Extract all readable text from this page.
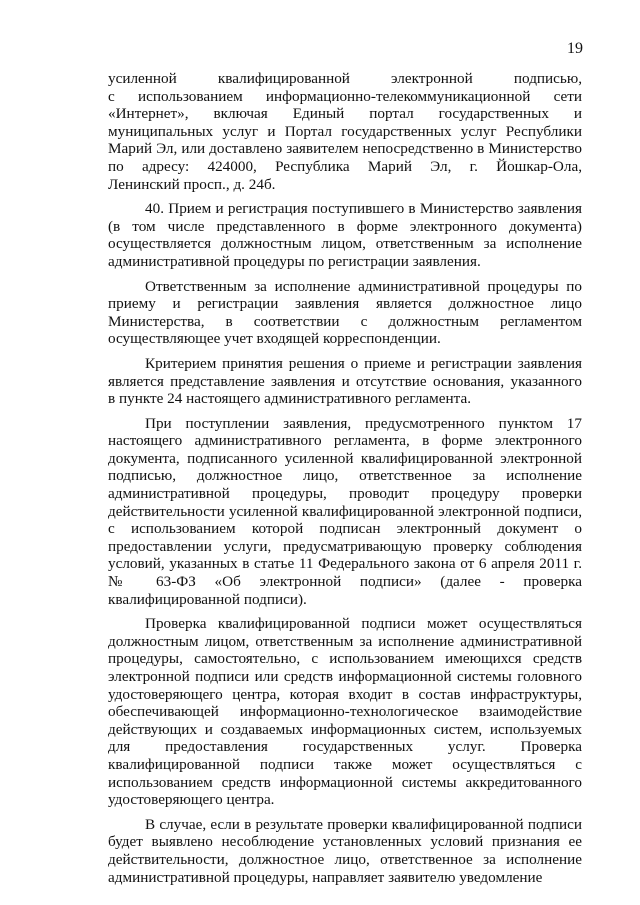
19
усиленной квалифицированной электронной подписью,
с использованием информационно-телекоммуникационной сети
«Интернет», включая Единый портал государственных и
муниципальных услуг и Портал государственных услуг Республики
Марий Эл, или доставлено заявителем непосредственно в Министерство
по адресу: 424000, Республика Марий Эл, г. Йошкар-Ола,
Ленинский просп., д. 24б.
40. Прием и регистрация поступившего в Министерство заявления
(в том числе представленного в форме электронного документа)
осуществляется должностным лицом, ответственным за исполнение
административной процедуры по регистрации заявления.
Ответственным за исполнение административной процедуры по
приему и регистрации заявления является должностное лицо
Министерства, в соответствии с должностным регламентом
осуществляющее учет входящей корреспонденции.
Критерием принятия решения о приеме и регистрации заявления
является представление заявления и отсутствие основания, указанного
в пункте 24 настоящего административного регламента.
При поступлении заявления, предусмотренного пунктом 17
настоящего административного регламента, в форме электронного
документа, подписанного усиленной квалифицированной электронной
подписью, должностное лицо, ответственное за исполнение
административной процедуры, проводит процедуру проверки
действительности усиленной квалифицированной электронной подписи,
с использованием которой подписан электронный документ о
предоставлении услуги, предусматривающую проверку соблюдения
условий, указанных в статье 11 Федерального закона от 6 апреля 2011 г.
№ 63-ФЗ «Об электронной подписи» (далее - проверка
квалифицированной подписи).
Проверка квалифицированной подписи может осуществляться
должностным лицом, ответственным за исполнение административной
процедуры, самостоятельно, с использованием имеющихся средств
электронной подписи или средств информационной системы головного
удостоверяющего центра, которая входит в состав инфраструктуры,
обеспечивающей информационно-технологическое взаимодействие
действующих и создаваемых информационных систем, используемых
для предоставления государственных услуг. Проверка
квалифицированной подписи также может осуществляться с
использованием средств информационной системы аккредитованного
удостоверяющего центра.
В случае, если в результате проверки квалифицированной подписи
будет выявлено несоблюдение установленных условий признания ее
действительности, должностное лицо, ответственное за исполнение
административной процедуры, направляет заявителю уведомление
